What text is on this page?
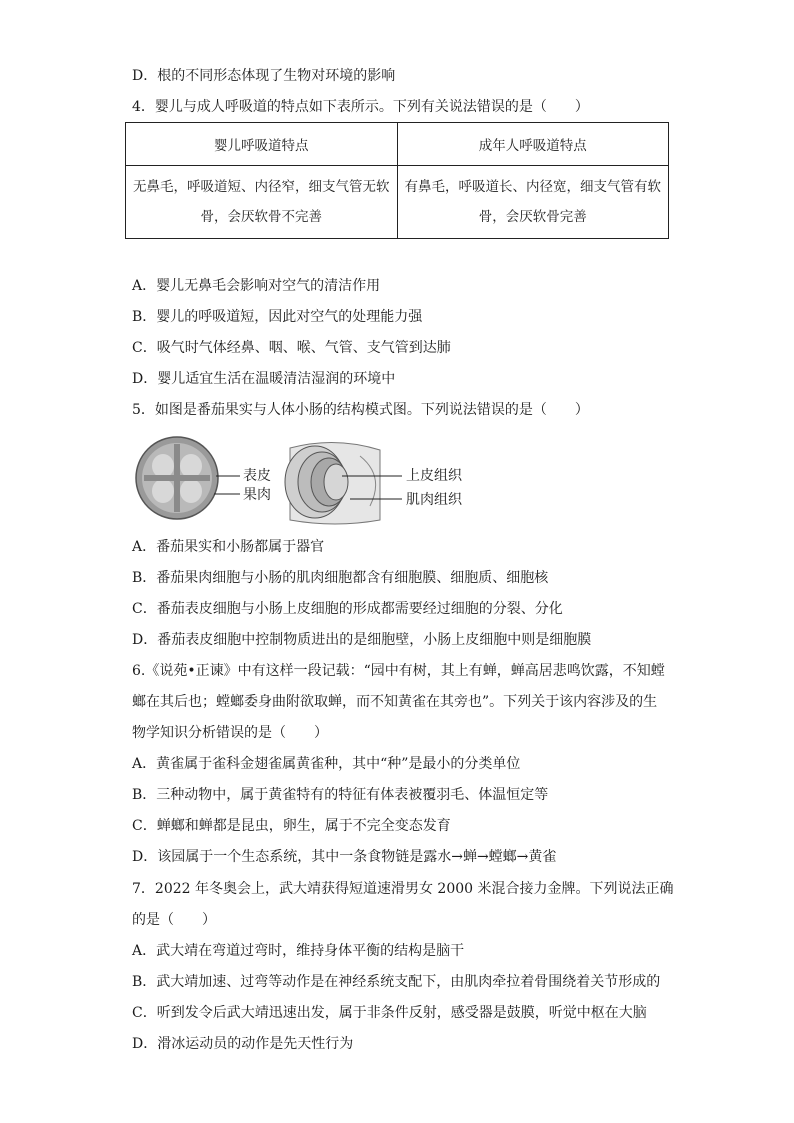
D．根的不同形态体现了生物对环境的影响
4．婴儿与成人呼吸道的特点如下表所示。下列有关说法错误的是（　　）
婴儿呼吸道特点	成年人呼吸道特点
无鼻毛，呼吸道短、内径窄，细支气管无软骨，会厌软骨不完善	有鼻毛，呼吸道长、内径宽，细支气管有软骨，会厌软骨完善
A．婴儿无鼻毛会影响对空气的清洁作用
B．婴儿的呼吸道短，因此对空气的处理能力强
C．吸气时气体经鼻、咽、喉、气管、支气管到达肺
D．婴儿适宜生活在温暖清洁湿润的环境中
5．如图是番茄果实与人体小肠的结构模式图。下列说法错误的是（　　）
表皮
果肉
上皮组织
肌肉组织
A．番茄果实和小肠都属于器官
B．番茄果肉细胞与小肠的肌肉细胞都含有细胞膜、细胞质、细胞核
C．番茄表皮细胞与小肠上皮细胞的形成都需要经过细胞的分裂、分化
D．番茄表皮细胞中控制物质进出的是细胞壁，小肠上皮细胞中则是细胞膜
6.《说苑•正谏》中有这样一段记载：“园中有树，其上有蝉，蝉高居悲鸣饮露，不知螳
螂在其后也；螳螂委身曲附欲取蝉，而不知黄雀在其旁也”。下列关于该内容涉及的生
物学知识分析错误的是（　　）
A．黄雀属于雀科金翅雀属黄雀种，其中“种”是最小的分类单位
B．三种动物中，属于黄雀特有的特征有体表被覆羽毛、体温恒定等
C．蝉螂和蝉都是昆虫，卵生，属于不完全变态发育
D．该园属于一个生态系统，其中一条食物链是露水→蝉→螳螂→黄雀
7．2022 年冬奥会上，武大靖获得短道速滑男女 2000 米混合接力金牌。下列说法正确
的是（　　）
A．武大靖在弯道过弯时，维持身体平衡的结构是脑干
B．武大靖加速、过弯等动作是在神经系统支配下，由肌肉牵拉着骨围绕着关节形成的
C．听到发令后武大靖迅速出发，属于非条件反射，感受器是鼓膜，听觉中枢在大脑
D．滑冰运动员的动作是先天性行为
